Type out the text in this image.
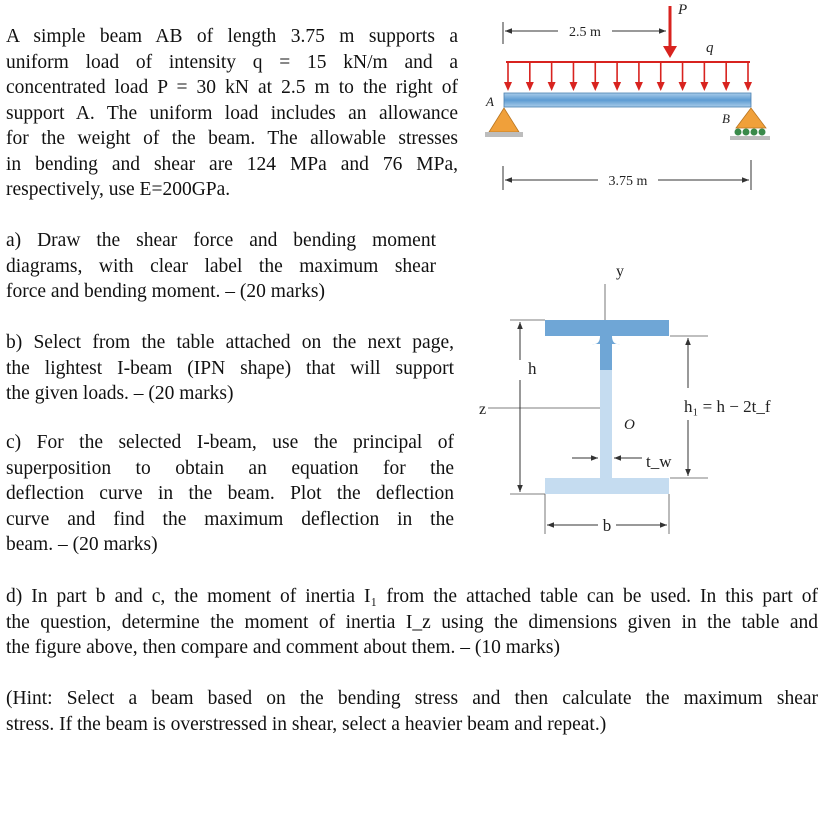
A simple beam AB of length 3.75 m supports a
uniform load of intensity q = 15 kN/m and a
concentrated load P = 30 kN at 2.5 m to the right of
support A. The uniform load includes an allowance
for the weight of the beam. The allowable stresses
in bending and shear are 124 MPa and 76 MPa,
respectively, use E=200GPa.
a) Draw the shear force and bending moment
diagrams, with clear label the maximum shear
force and bending moment. – (20 marks)
b) Select from the table attached on the next page,
the lightest I-beam (IPN shape) that will support
the given loads. – (20 marks)
c) For the selected I-beam, use the principal of
superposition to obtain an equation for the
deflection curve in the beam. Plot the deflection
curve and find the maximum deflection in the
beam. – (20 marks)
d) In part b and c, the moment of inertia I₁ from the attached table can be used. In this part of
the question, determine the moment of inertia I_z using the dimensions given in the table and
the figure above, then compare and comment about them. – (10 marks)
(Hint: Select a beam based on the bending stress and then calculate the maximum shear
stress. If the beam is overstressed in shear, select a heavier beam and repeat.)
2.5 m
P
q
A
B
3.75 m
y
z
O
h
h₁ = h − 2t_f
t_w
b
